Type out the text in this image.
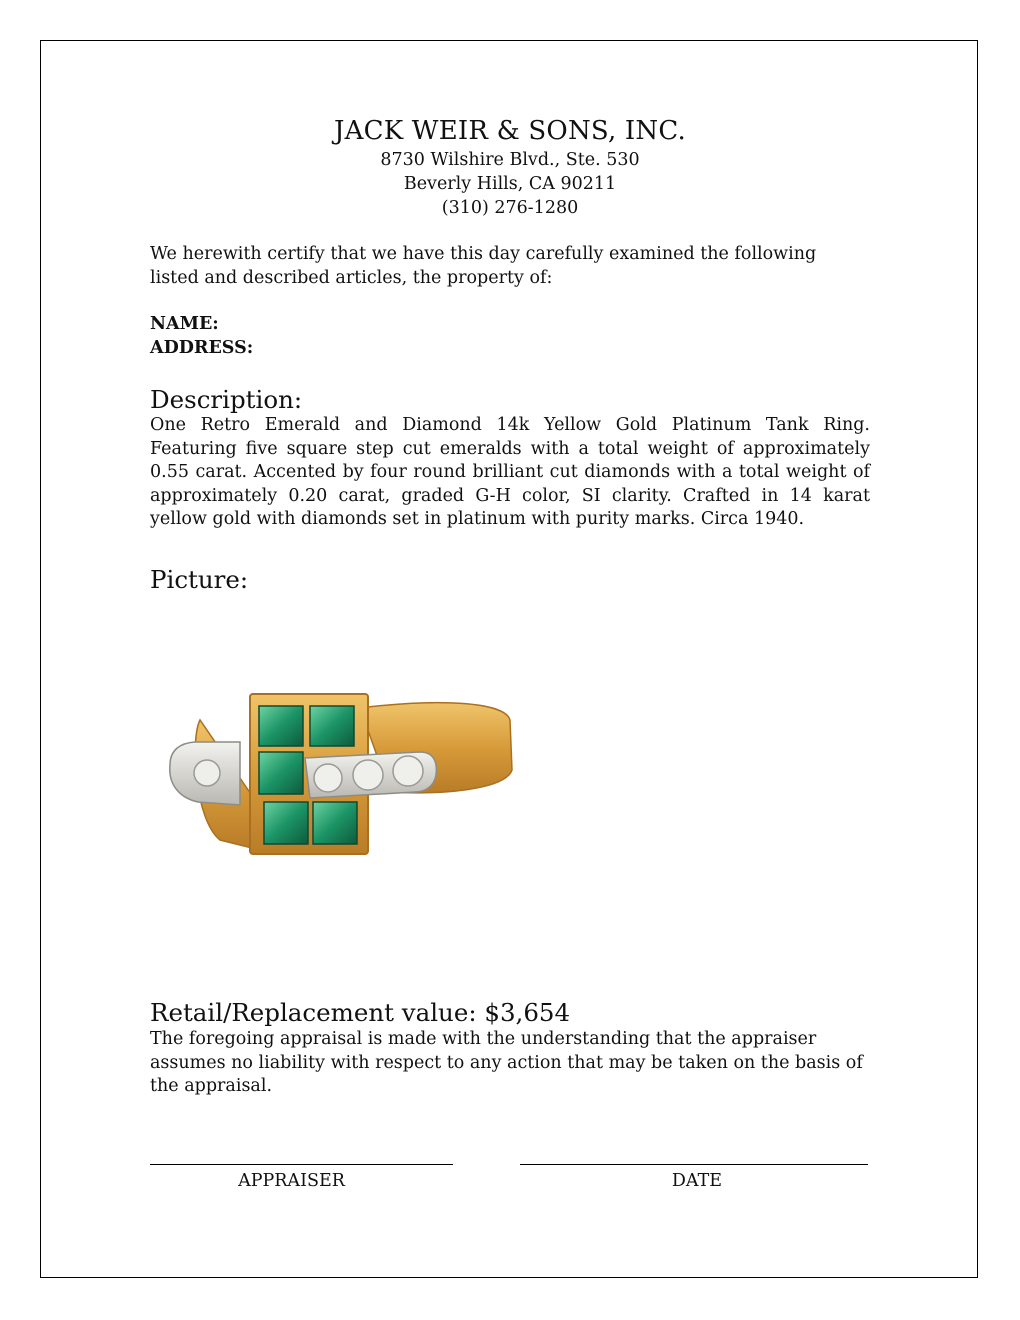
JACK WEIR & SONS, INC.
8730 Wilshire Blvd., Ste. 530
Beverly Hills, CA 90211
(310) 276-1280
We herewith certify that we have this day carefully examined the following listed and described articles, the property of:
NAME:
ADDRESS:
Description:
One Retro Emerald and Diamond 14k Yellow Gold Platinum Tank Ring. Featuring five square step cut emeralds with a total weight of approximately 0.55 carat. Accented by four round brilliant cut diamonds with a total weight of approximately 0.20 carat, graded G-H color, SI clarity. Crafted in 14 karat yellow gold with diamonds set in platinum with purity marks. Circa 1940.
Picture:
Retail/Replacement value: $3,654
The foregoing appraisal is made with the understanding that the appraiser assumes no liability with respect to any action that may be taken on the basis of the appraisal.
APPRAISER	DATE
